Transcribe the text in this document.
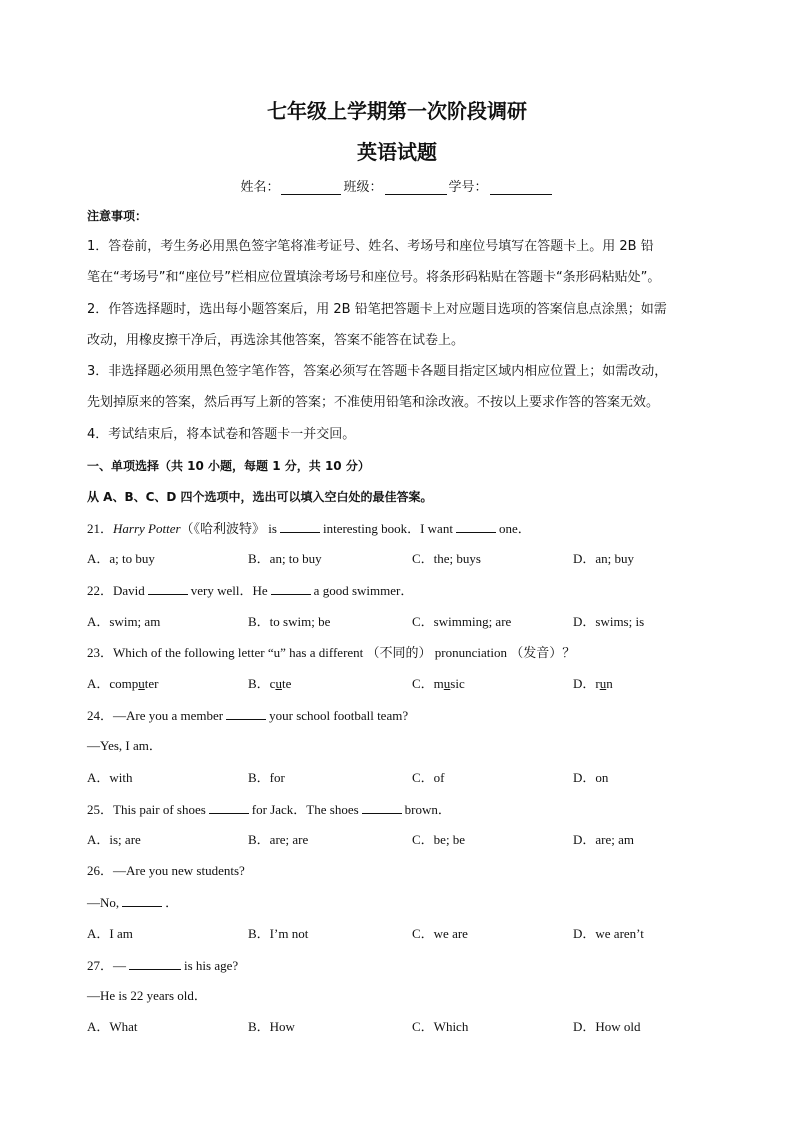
七年级上学期第一次阶段调研
英语试题
姓名：	班级：	学号：
注意事项：
1．答卷前，考生务必用黑色签字笔将准考证号、姓名、考场号和座位号填写在答题卡上。用 2B 铅
笔在“考场号”和“座位号”栏相应位置填涂考场号和座位号。将条形码粘贴在答题卡“条形码粘贴处”。
2．作答选择题时，选出每小题答案后，用 2B 铅笔把答题卡上对应题目选项的答案信息点涂黑；如需
改动，用橡皮擦干净后，再选涂其他答案，答案不能答在试卷上。
3．非选择题必须用黑色签字笔作答，答案必须写在答题卡各题目指定区域内相应位置上；如需改动，
先划掉原来的答案，然后再写上新的答案；不准使用铅笔和涂改液。不按以上要求作答的答案无效。
4．考试结束后，将本试卷和答题卡一并交回。
一、单项选择（共 10 小题，每题 1 分，共 10 分）
从 A、B、C、D 四个选项中，选出可以填入空白处的最佳答案。
21．Harry Potter（《哈利波特》 is	interesting book．I want	one．
A．a; to buy	B．an; to buy	C．the; buys	D．an; buy
22．David	very well．He	a good swimmer．
A．swim; am	B．to swim; be	C．swimming; are	D．swims; is
23．Which of the following letter “u” has a different （不同的） pronunciation （发音）？
A．computer	B．cute	C．music	D．run
24．—Are you a member	your school football team?
—Yes, I am．
A．with	B．for	C．of	D．on
25．This pair of shoes	for Jack．The shoes	brown．
A．is; are	B．are; are	C．be; be	D．are; am
26．—Are you new students?
—No,	．
A．I am	B．I’m not	C．we are	D．we aren’t
27．—	is his age?
—He is 22 years old．
A．What	B．How	C．Which	D．How old
